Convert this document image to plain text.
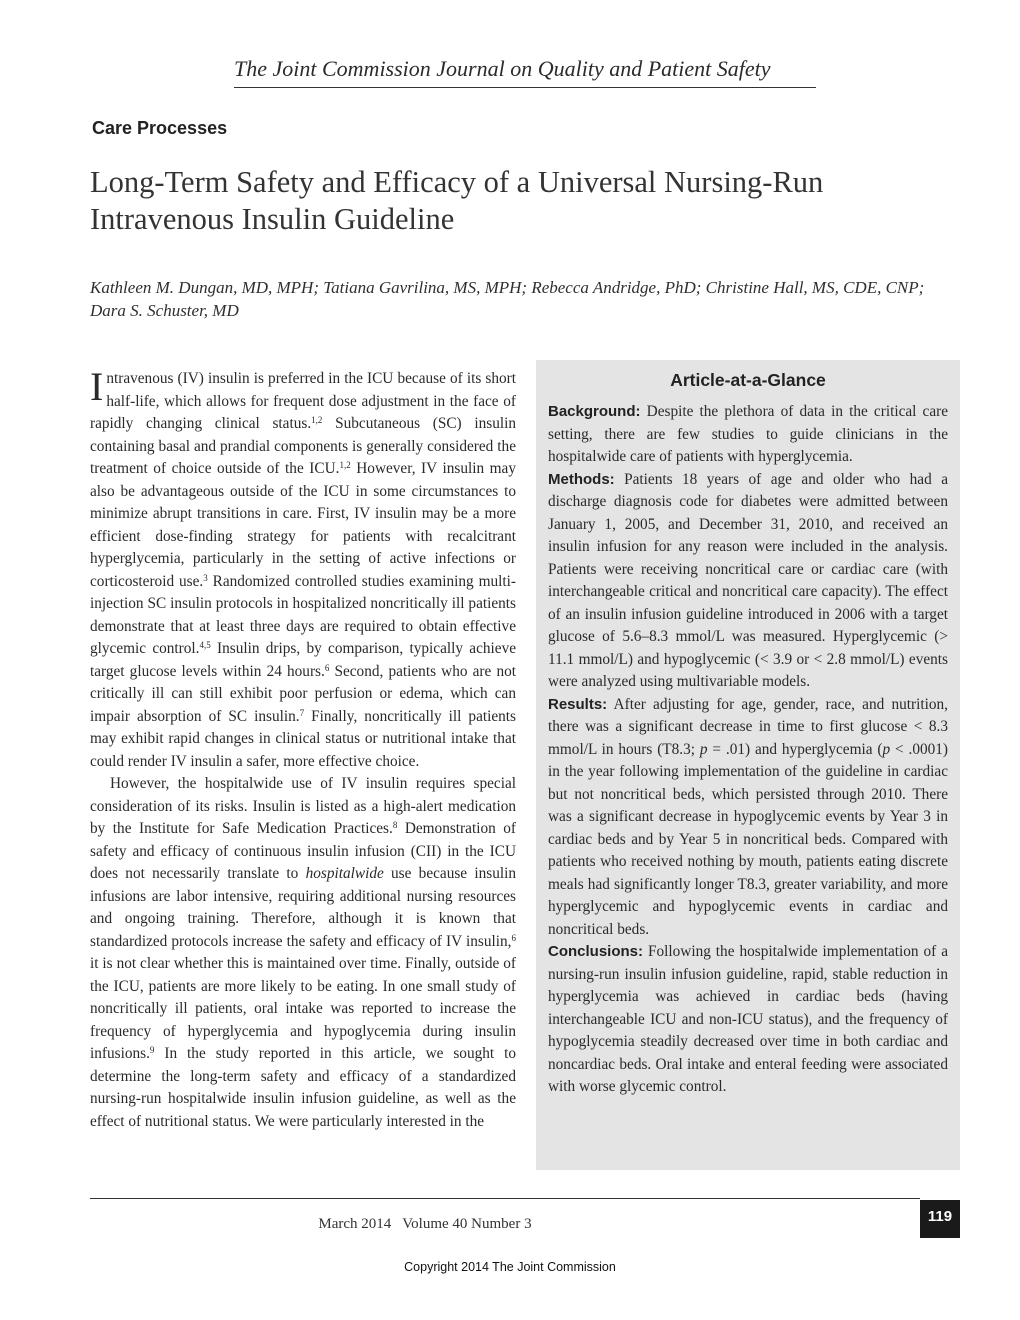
The Joint Commission Journal on Quality and Patient Safety
Care Processes
Long-Term Safety and Efficacy of a Universal Nursing-Run Intravenous Insulin Guideline
Kathleen M. Dungan, MD, MPH; Tatiana Gavrilina, MS, MPH; Rebecca Andridge, PhD; Christine Hall, MS, CDE, CNP; Dara S. Schuster, MD

Intravenous (IV) insulin is preferred in the ICU because of its short half-life, which allows for frequent dose adjustment in the face of rapidly changing clinical status.$^{1,2}$ Subcutaneous (SC) insulin containing basal and prandial components is generally considered the treatment of choice outside of the ICU.$^{1,2}$ However, IV insulin may also be advantageous outside of the ICU in some circumstances to minimize abrupt transitions in care. First, IV insulin may be a more efficient dose-finding strategy for patients with recalcitrant hyperglycemia, particularly in the setting of active infections or corticosteroid use.$^3$ Randomized controlled studies examining multi-injection SC insulin protocols in hospitalized noncritically ill patients demonstrate that at least three days are required to obtain effective glycemic control.$^{4,5}$ Insulin drips, by comparison, typically achieve target glucose levels within 24 hours.$^6$ Second, patients who are not critically ill can still exhibit poor perfusion or edema, which can impair absorption of SC insulin.$^7$ Finally, noncritically ill patients may exhibit rapid changes in clinical status or nutritional intake that could render IV insulin a safer, more effective choice.

However, the hospitalwide use of IV insulin requires special consideration of its risks. Insulin is listed as a high-alert medication by the Institute for Safe Medication Practices.$^8$ Demonstration of safety and efficacy of continuous insulin infusion (CII) in the ICU does not necessarily translate to hospitalwide use because insulin infusions are labor intensive, requiring additional nursing resources and ongoing training. Therefore, although it is known that standardized protocols increase the safety and efficacy of IV insulin,$^6$ it is not clear whether this is maintained over time. Finally, outside of the ICU, patients are more likely to be eating. In one small study of noncritically ill patients, oral intake was reported to increase the frequency of hyperglycemia and hypoglycemia during insulin infusions.$^9$ In the study reported in this article, we sought to determine the long-term safety and efficacy of a standardized nursing-run hospitalwide insulin infusion guideline, as well as the effect of nutritional status. We were particularly interested in the

Article-at-a-Glance

Background: Despite the plethora of data in the critical care setting, there are few studies to guide clinicians in the hospitalwide care of patients with hyperglycemia.

Methods: Patients 18 years of age and older who had a discharge diagnosis code for diabetes were admitted between January 1, 2005, and December 31, 2010, and received an insulin infusion for any reason were included in the analysis. Patients were receiving noncritical care or cardiac care (with interchangeable critical and noncritical care capacity). The effect of an insulin infusion guideline introduced in 2006 with a target glucose of 5.6–8.3 mmol/L was measured. Hyperglycemic (> 11.1 mmol/L) and hypoglycemic (< 3.9 or < 2.8 mmol/L) events were analyzed using multivariable models.

Results: After adjusting for age, gender, race, and nutrition, there was a significant decrease in time to first glucose < 8.3 mmol/L in hours (T8.3; p = .01) and hyperglycemia (p < .0001) in the year following implementation of the guideline in cardiac but not noncritical beds, which persisted through 2010. There was a significant decrease in hypoglycemic events by Year 3 in cardiac beds and by Year 5 in noncritical beds. Compared with patients who received nothing by mouth, patients eating discrete meals had significantly longer T8.3, greater variability, and more hyperglycemic and hypoglycemic events in cardiac and noncritical beds.

Conclusions: Following the hospitalwide implementation of a nursing-run insulin infusion guideline, rapid, stable reduction in hyperglycemia was achieved in cardiac beds (having interchangeable ICU and non-ICU status), and the frequency of hypoglycemia steadily decreased over time in both cardiac and noncardiac beds. Oral intake and enteral feeding were associated with worse glycemic control.

March 2014   Volume 40 Number 3	119
Copyright 2014 The Joint Commission
